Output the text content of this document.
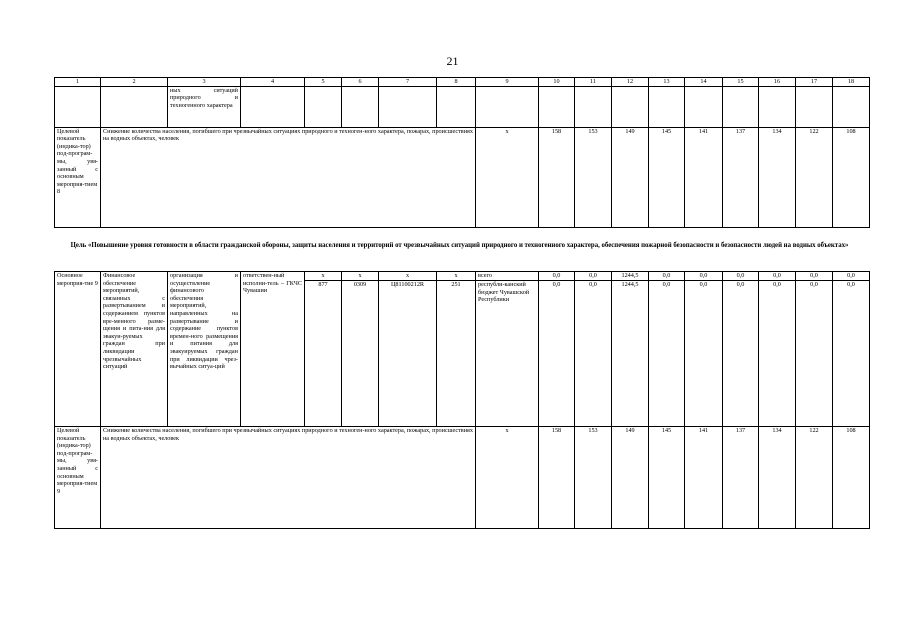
21
1	2	3	4	5	6	7	8	9	10	11	12	13	14	15	16	17	18
		ных ситуаций природного и техногенного характера															
Целевой показатель (индика-тор) под-програм-мы, увя-занный с основным мероприя-тием 8	Снижение количества населения, погибшего при чрезвычайных ситуациях природного и техноген-ного характера, пожарах, происшествиях на водных объектах, человек							х	158	153	149	145	141	137	134	122	108
Цель «Повышение уровня готовности в области гражданской обороны, защиты населения и территорий от чрезвычайных ситуаций природного и техногенного характера, обеспечения пожарной безопасности и безопасности людей на водных объектах»
Основное мероприя-тие 9	Финансовое обеспечение мероприятий, связанных с развертыванием и содержанием пунктов вре-менного разме-щения и пита-ния для эвакуи-руемых граждан при ликвидации чрезвычайных ситуаций	организация и осуществление финансового обеспечения мероприятий, направленных на развертывание и содержание пунктов времен-ного размещения и питания для эвакуируемых граждан при ликвидации чрез-вычайных ситуа-ций	ответствен-ный исполни-тель – ГКЧС Чувашии	х	х	х	х	всего	0,0	0,0	1244,5	0,0	0,0	0,0	0,0	0,0	0,0
				877	0309	Ц81100212R	251	республи-канский бюджет Чувашской Республики	0,0	0,0	1244,5	0,0	0,0	0,0	0,0	0,0	0,0
Целевой показатель (индика-тор) под-програм-мы, увя-занный с основным мероприя-тием 9	Снижение количества населения, погибшего при чрезвычайных ситуациях природного и техноген-ного характера, пожарах, происшествиях на водных объектах, человек							х	158	153	149	145	141	137	134	122	108
